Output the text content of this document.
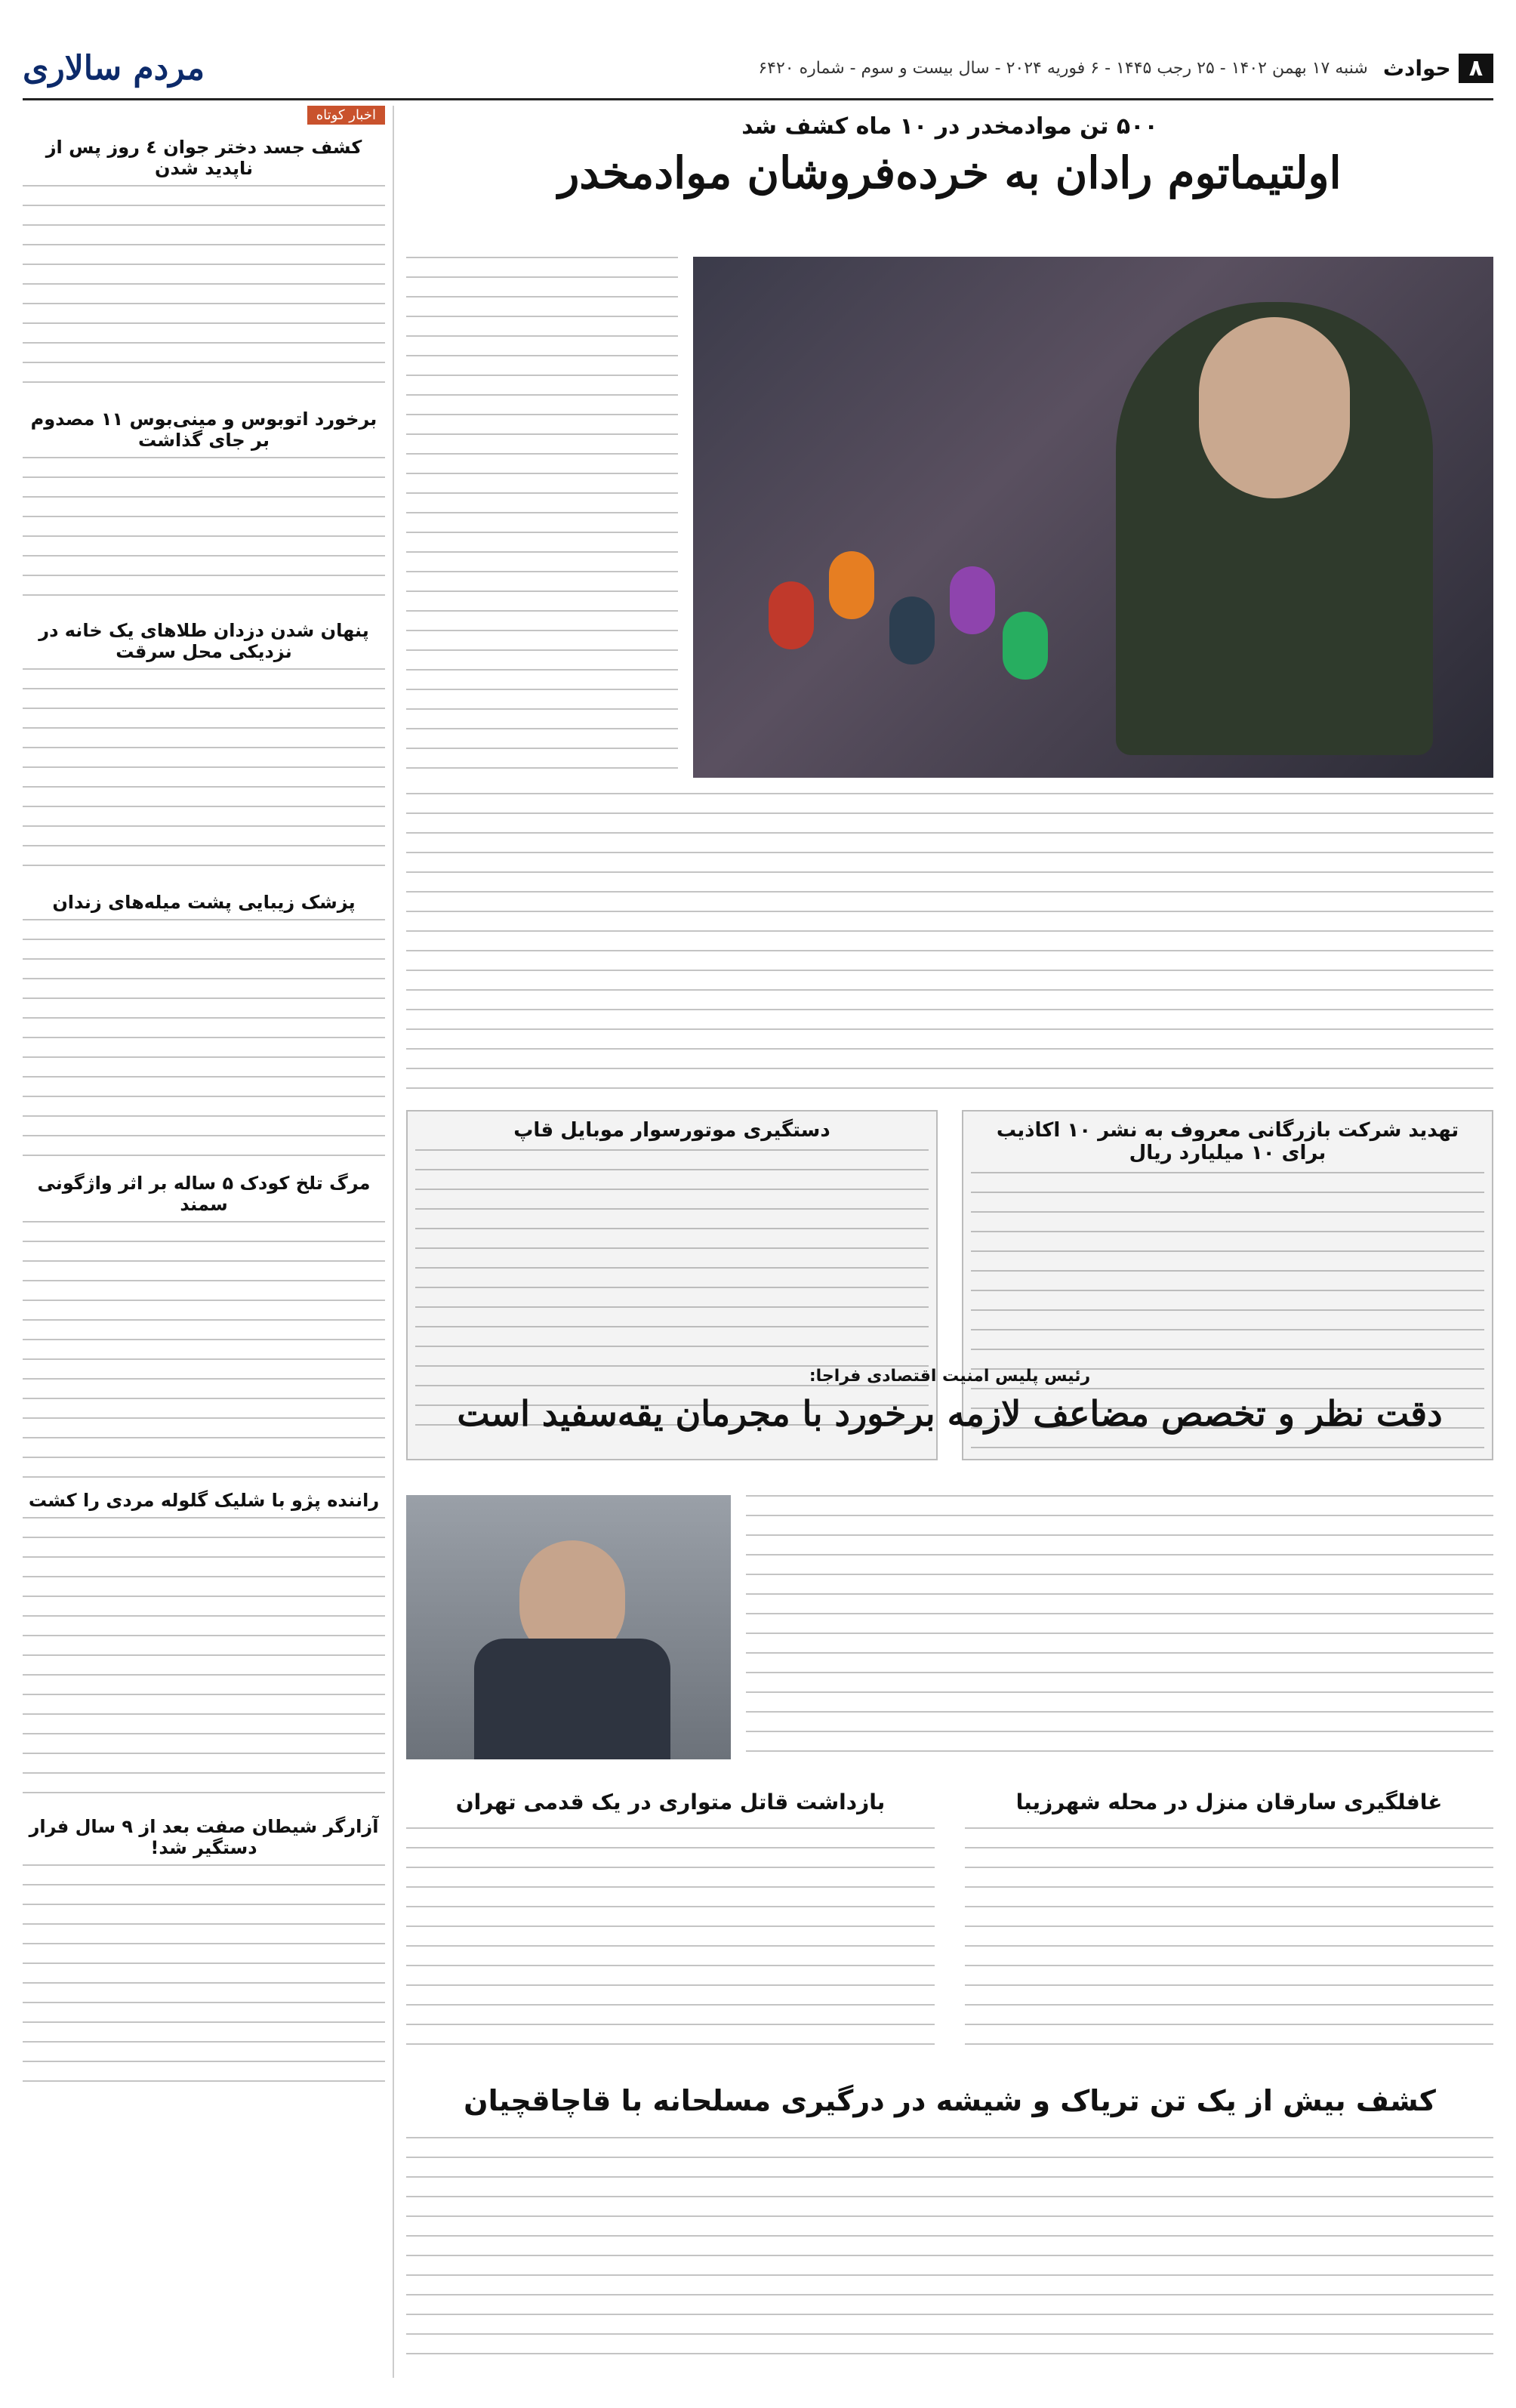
۸
حوادث
شنبه ۱۷ بهمن ۱۴۰۲ - ۲۵ رجب ۱۴۴۵ - ۶ فوریه ۲۰۲۴ - سال بیست و سوم - شماره ۶۴۲۰
مردم سالاری
۵۰۰ تن موادمخدر در ۱۰ ماه کشف شد
اولتیماتوم رادان به خرده‌فروشان موادمخدر
تهدید شرکت بازرگانی معروف به نشر ۱۰ اکاذیب برای ۱۰ میلیارد ریال
دستگیری موتورسوار موبایل قاپ
رئیس پلیس امنیت اقتصادی فراجا:
دقت نظر و تخصص مضاعف لازمه برخورد با مجرمان یقه‌سفید است
غافلگیری سارقان منزل در محله شهرزیبا
بازداشت قاتل متواری در یک قدمی تهران
کشف بیش از یک تن تریاک و شیشه در درگیری مسلحانه با قاچاقچیان
اخبار کوتاه
کشف جسد دختر جوان ٤ روز پس از ناپدید شدن
برخورد اتوبوس و مینی‌بوس ۱۱ مصدوم بر جای گذاشت
پنهان شدن دزدان طلاهای یک خانه در نزدیکی محل سرقت
پزشک زیبایی پشت میله‌های زندان
مرگ تلخ کودک ۵ ساله بر اثر واژگونی سمند
راننده پژو با شلیک گلوله مردی را کشت
آزارگر شیطان صفت بعد از ۹ سال فرار دستگیر شد!
